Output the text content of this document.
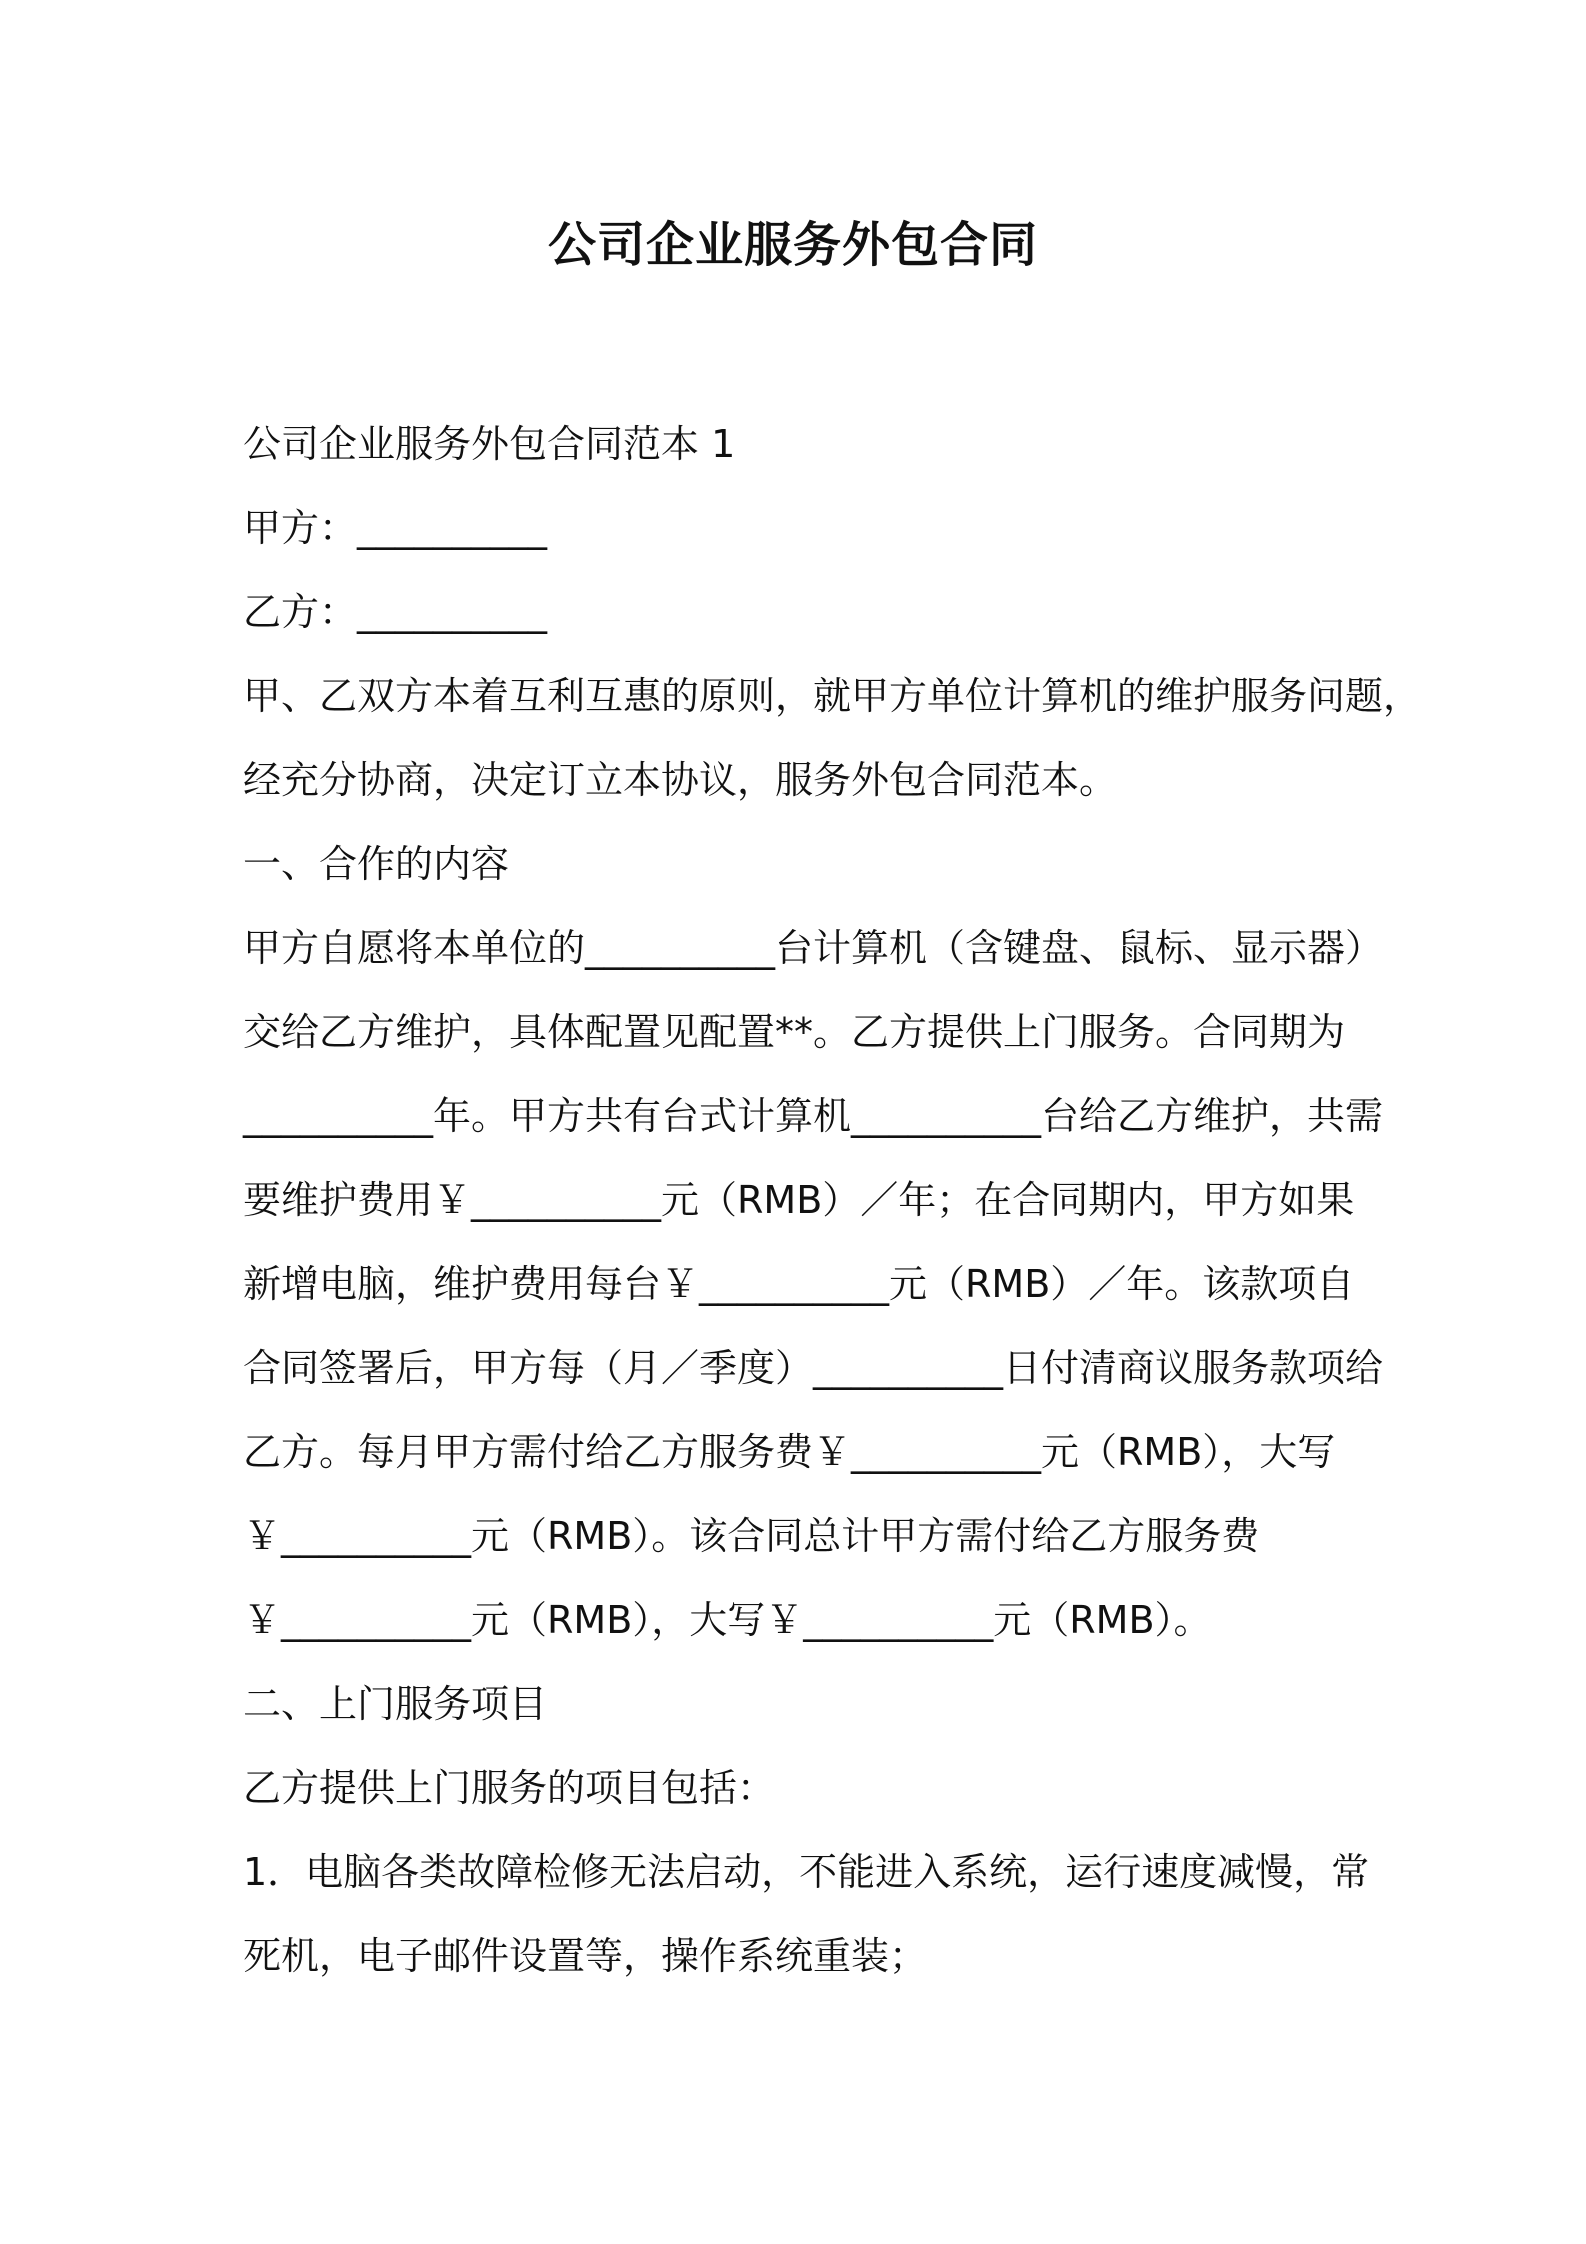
公司企业服务外包合同
公司企业服务外包合同范本 1
甲方：__________
乙方：__________
甲、乙双方本着互利互惠的原则，就甲方单位计算机的维护服务问题，
经充分协商，决定订立本协议，服务外包合同范本。
一、合作的内容
甲方自愿将本单位的__________台计算机（含键盘、鼠标、显示器）
交给乙方维护，具体配置见配置**。乙方提供上门服务。合同期为
__________年。甲方共有台式计算机__________台给乙方维护，共需
要维护费用￥__________元（RMB）／年；在合同期内，甲方如果
新增电脑，维护费用每台￥__________元（RMB）／年。该款项自
合同签署后，甲方每（月／季度）__________日付清商议服务款项给
乙方。每月甲方需付给乙方服务费￥__________元（RMB），大写
￥__________元（RMB）。该合同总计甲方需付给乙方服务费
￥__________元（RMB），大写￥__________元（RMB）。
二、上门服务项目
乙方提供上门服务的项目包括：
1．电脑各类故障检修无法启动，不能进入系统，运行速度减慢，常
死机，电子邮件设置等，操作系统重装；
